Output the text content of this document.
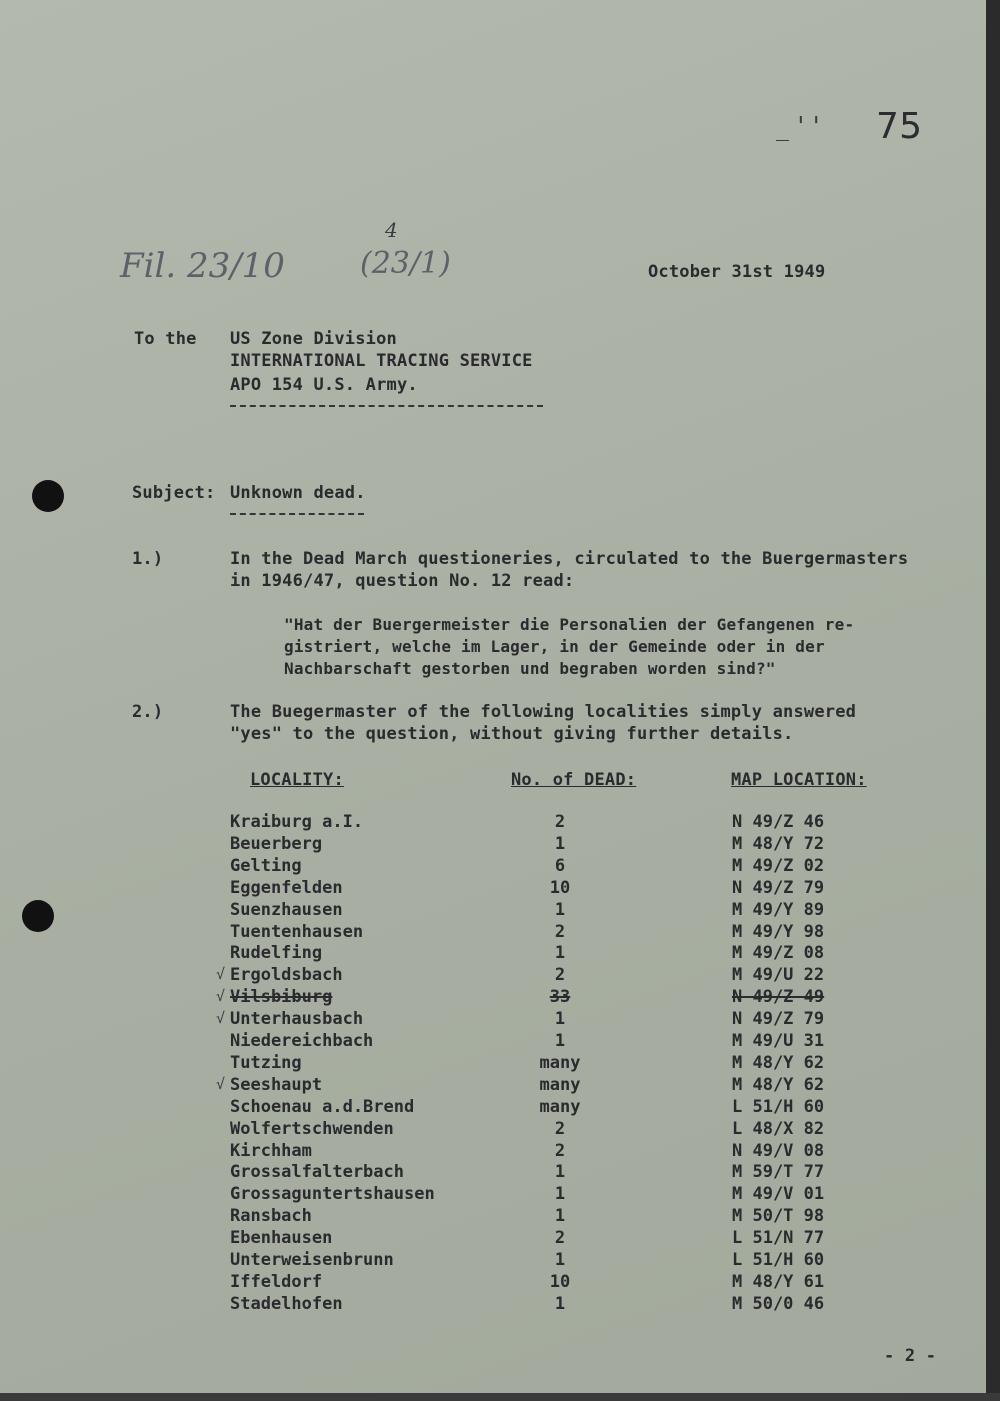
_ ' ' 75
4
Fil. 23/10	(23/1)	October 31st 1949
To the US Zone Division
INTERNATIONAL TRACING SERVICE
APO 154 U.S. Army.
Subject: Unknown dead.
1.)	In the Dead March questioneries, circulated to the Buergermasters
in 1946/47, question No. 12 read:
"Hat der Buergermeister die Personalien der Gefangenen re-
gistriert, welche im Lager, in der Gemeinde oder in der
Nachbarschaft gestorben und begraben worden sind?"
2.)	The Buegermaster of the following localities simply answered
"yes" to the question, without giving further details.
LOCALITY:	No. of DEAD:	MAP LOCATION:
Kraiburg a.I.	2	N 49/Z 46
Beuerberg	1	M 48/Y 72
Gelting	6	M 49/Z 02
Eggenfelden	10	N 49/Z 79
Suenzhausen	1	M 49/Y 89
Tuentenhausen	2	M 49/Y 98
Rudelfing	1	M 49/Z 08
√ Ergoldsbach	2	M 49/U 22
√ Vilsbiburg	33	N 49/Z 49
√ Unterhausbach	1	N 49/Z 79
Niedereichbach	1	M 49/U 31
Tutzing	many	M 48/Y 62
√ Seeshaupt	many	M 48/Y 62
Schoenau a.d.Brend	many	L 51/H 60
Wolfertschwenden	2	L 48/X 82
Kirchham	2	N 49/V 08
Grossalfalterbach	1	M 59/T 77
Grossaguntertshausen	1	M 49/V 01
Ransbach	1	M 50/T 98
Ebenhausen	2	L 51/N 77
Unterweisenbrunn	1	L 51/H 60
Iffeldorf	10	M 48/Y 61
Stadelhofen	1	M 50/0 46
- 2 -
